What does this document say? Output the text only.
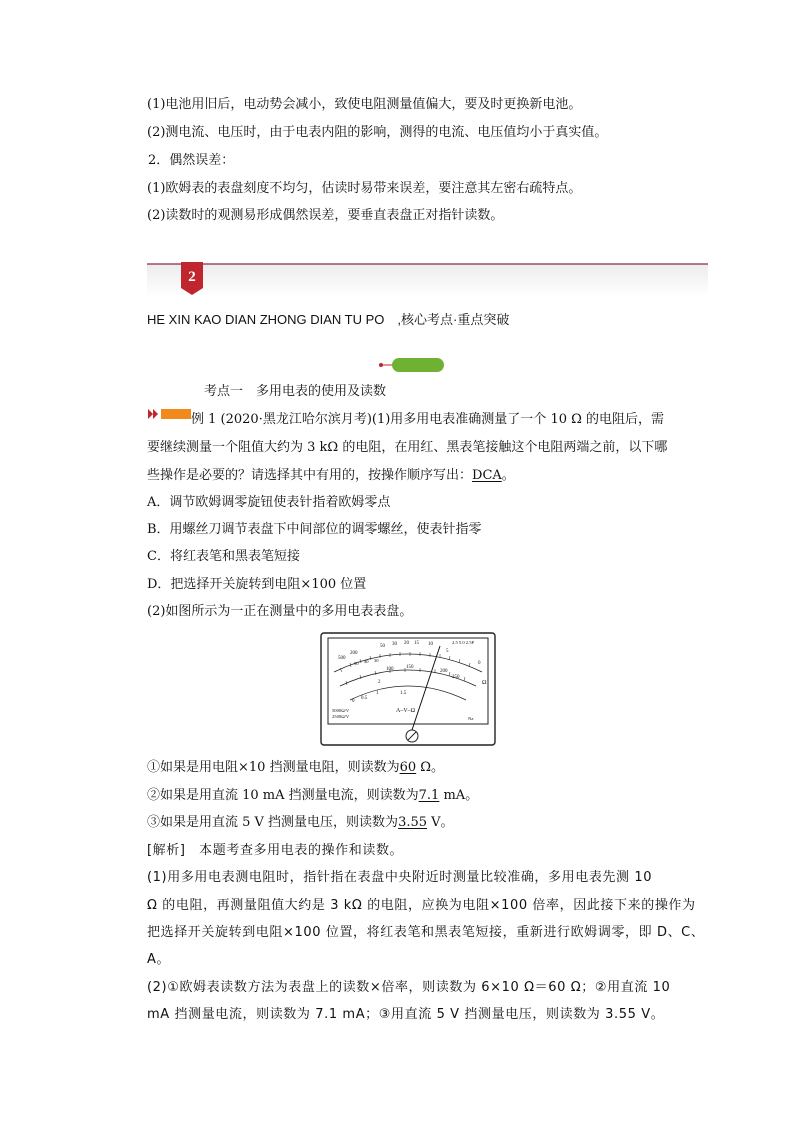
(1)电池用旧后，电动势会减小，致使电阻测量值偏大，要及时更换新电池。
(2)测电流、电压时，由于电表内阻的影响，测得的电流、电压值均小于真实值。
2．偶然误差：
(1)欧姆表的表盘刻度不均匀，估读时易带来误差，要注意其左密右疏特点。
(2)读数时的观测易形成偶然误差，要垂直表盘正对指针读数。
2
HE XIN KAO DIAN ZHONG DIAN TU PO　,核心考点·重点突破
考点一　多用电表的使用及读数
例 1 (2020·黑龙江哈尔滨月考)(1)用多用电表准确测量了一个 10 Ω 的电阻后，需
要继续测量一个阻值大约为 3 kΩ 的电阻，在用红、黑表笔接触这个电阻两端之前，以下哪
些操作是必要的？请选择其中有用的，按操作顺序写出：DCA。
A．调节欧姆调零旋钮使表针指着欧姆零点
B．用螺丝刀调节表盘下中间部位的调零螺丝，使表针指零
C．将红表笔和黑表笔短接
D．把选择开关旋转到电阻×100 位置
(2)如图所示为一正在测量中的多用电表表盘。
500
200
50 30 20 15 10
5
0
2.5 5.0 2.5P
Ω
50 40 30
100	150
200
250
2
1.5
1
0.5
0
A–V–Ω
5000Ω/V
2500Ω/V	Na
①如果是用电阻×10 挡测量电阻，则读数为60 Ω。
②如果是用直流 10 mA 挡测量电流，则读数为7.1 mA。
③如果是用直流 5 V 挡测量电压，则读数为3.55 V。
[解析]　本题考查多用电表的操作和读数。
(1)用多用电表测电阻时，指针指在表盘中央附近时测量比较准确，多用电表先测 10
Ω 的电阻，再测量阻值大约是 3 kΩ 的电阻，应换为电阻×100 倍率，因此接下来的操作为
把选择开关旋转到电阻×100 位置，将红表笔和黑表笔短接，重新进行欧姆调零，即 D、C、
A。
(2)①欧姆表读数方法为表盘上的读数×倍率，则读数为 6×10 Ω＝60 Ω；②用直流 10
mA 挡测量电流，则读数为 7.1 mA；③用直流 5 V 挡测量电压，则读数为 3.55 V。
